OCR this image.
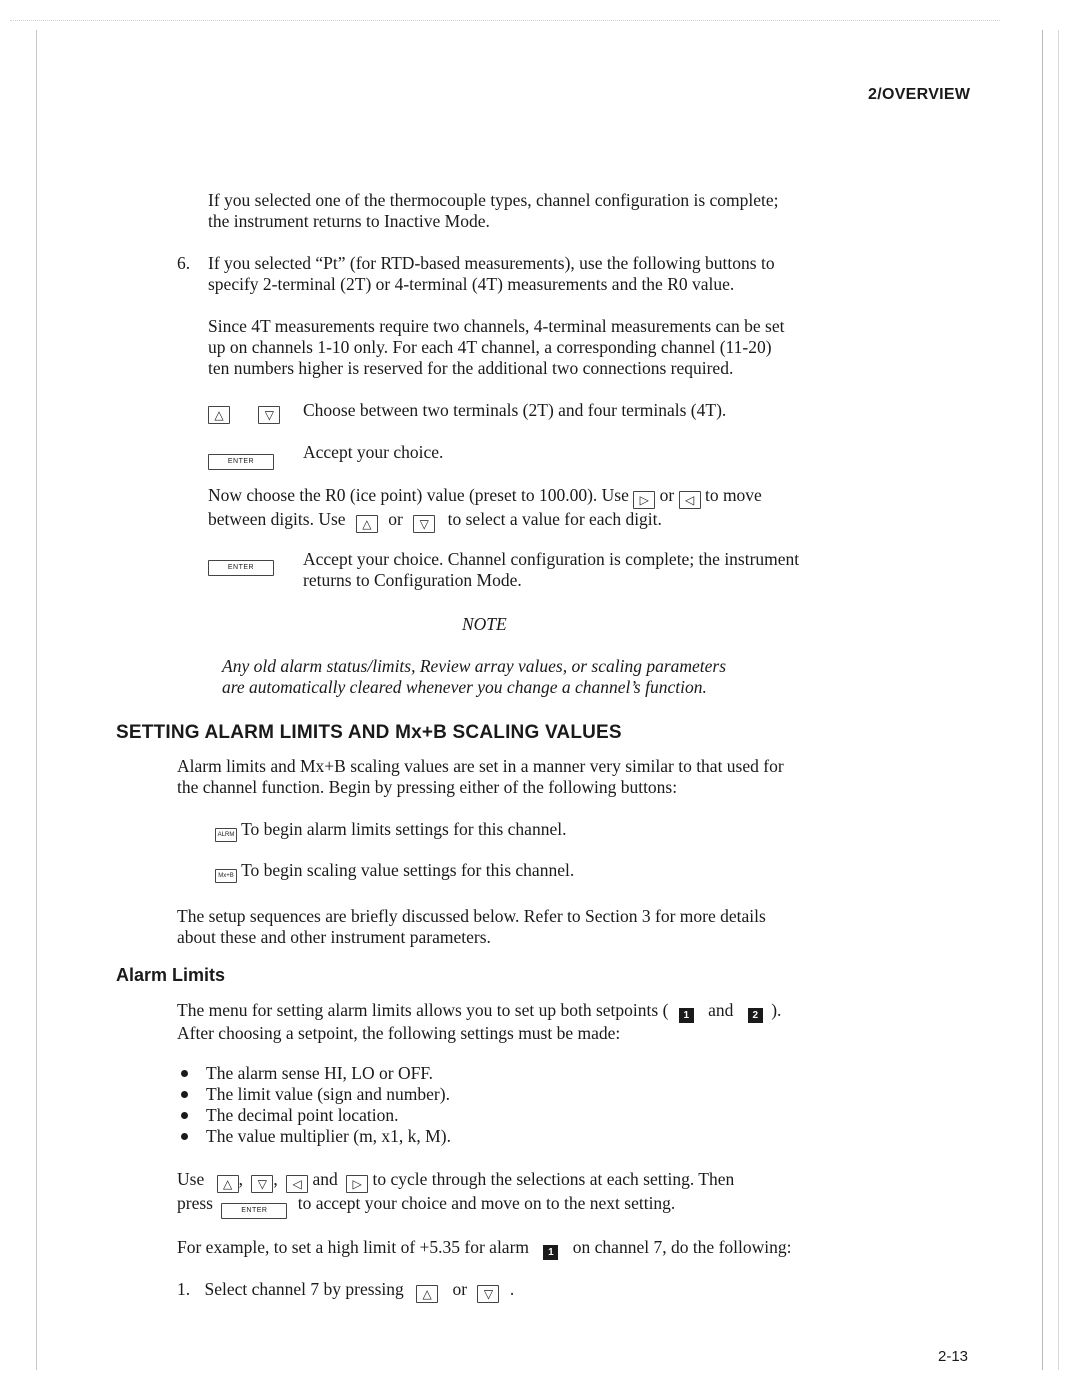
2/OVERVIEW
If you selected one of the thermocouple types, channel configuration is complete;
the instrument returns to Inactive Mode.
6. If you selected “Pt” (for RTD-based measurements), use the following buttons to
specify 2-terminal (2T) or 4-terminal (4T) measurements and the R0 value.
Since 4T measurements require two channels, 4-terminal measurements can be set
up on channels 1-10 only. For each 4T channel, a corresponding channel (11-20)
ten numbers higher is reserved for the additional two connections required.
△	▽	Choose between two terminals (2T) and four terminals (4T).
ENTER	Accept your choice.
Now choose the R0 (ice point) value (preset to 100.00). Use ▷ or ◁ to move
between digits. Use △ or ▽ to select a value for each digit.
ENTER	Accept your choice. Channel configuration is complete; the instrument
returns to Configuration Mode.
NOTE
Any old alarm status/limits, Review array values, or scaling parameters
are automatically cleared whenever you change a channel’s function.
SETTING ALARM LIMITS AND Mx+B SCALING VALUES
Alarm limits and Mx+B scaling values are set in a manner very similar to that used for
the channel function. Begin by pressing either of the following buttons:
ALRM To begin alarm limits settings for this channel.
Mx+B To begin scaling value settings for this channel.
The setup sequences are briefly discussed below. Refer to Section 3 for more details
about these and other instrument parameters.
Alarm Limits
The menu for setting alarm limits allows you to set up both setpoints ( 1 and 2 ).
After choosing a setpoint, the following settings must be made:
The alarm sense HI, LO or OFF.
The limit value (sign and number).
The decimal point location.
The value multiplier (m, x1, k, M).
Use △ , ▽ , ◁ and ▷ to cycle through the selections at each setting. Then
press	ENTER to accept your choice and move on to the next setting.
For example, to set a high limit of +5.35 for alarm 1 on channel 7, do the following:
1. Select channel 7 by pressing △ or ▽ .
2-13
